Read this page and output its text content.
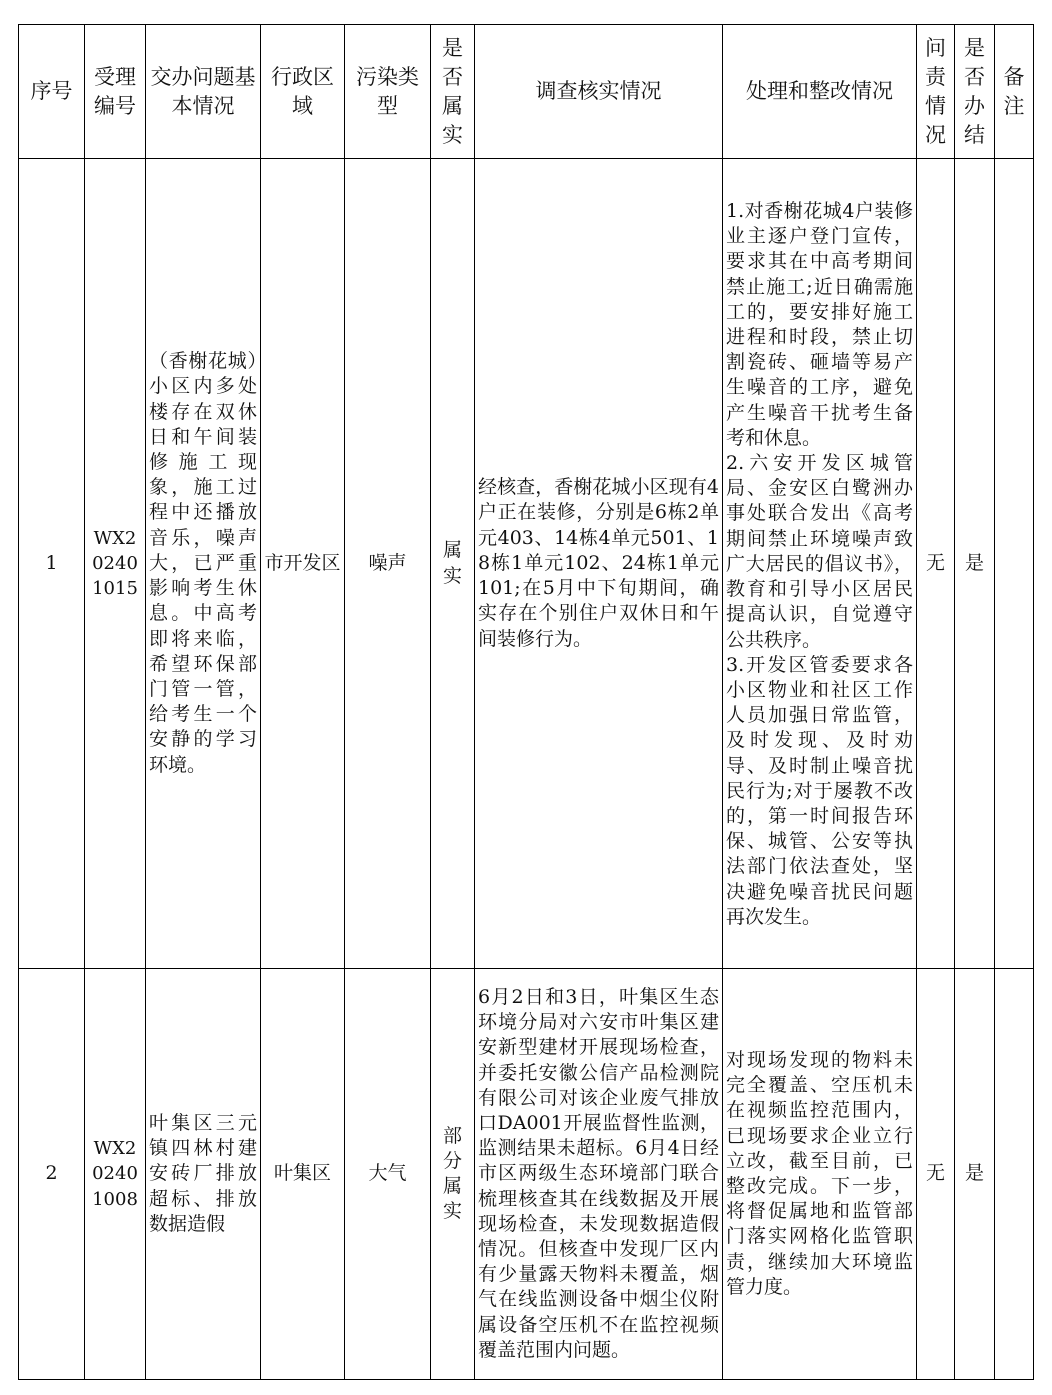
序号	受理编号	交办问题基本情况	行政区域	污染类型	是否属实	调查核实情况	处理和整改情况	问责情况	是否办结	备注
1	WX202401015	（香榭花城）小区内多处楼存在双休日和午间装修施工现象，施工过程中还播放音乐，噪声大，已严重影响考生休息。中高考即将来临，希望环保部门管一管，给考生一个安静的学习环境。	市开发区	噪声	属实	经核查，香榭花城小区现有4户正在装修，分别是6栋2单元403、14栋4单元501、18栋1单元102、24栋1单元101;在5月中下旬期间，确实存在个别住户双休日和午间装修行为。	1.对香榭花城4户装修业主逐户登门宣传，要求其在中高考期间禁止施工;近日确需施工的，要安排好施工进程和时段，禁止切割瓷砖、砸墙等易产生噪音的工序，避免产生噪音干扰考生备考和休息。
2.六安开发区城管局、金安区白鹭洲办事处联合发出《高考期间禁止环境噪声致广大居民的倡议书》，教育和引导小区居民提高认识，自觉遵守公共秩序。
3.开发区管委要求各小区物业和社区工作人员加强日常监管，及时发现、及时劝导、及时制止噪音扰民行为;对于屡教不改的，第一时间报告环保、城管、公安等执法部门依法查处，坚决避免噪音扰民问题再次发生。	无	是	
2	WX202401008	叶集区三元镇四林村建安砖厂排放超标、排放数据造假	叶集区	大气	部分属实	6月2日和3日，叶集区生态环境分局对六安市叶集区建安新型建材开展现场检查，并委托安徽公信产品检测院有限公司对该企业废气排放口DA001开展监督性监测，监测结果未超标。6月4日经市区两级生态环境部门联合梳理核查其在线数据及开展现场检查，未发现数据造假情况。但核查中发现厂区内有少量露天物料未覆盖，烟气在线监测设备中烟尘仪附属设备空压机不在监控视频覆盖范围内问题。	对现场发现的物料未完全覆盖、空压机未在视频监控范围内，已现场要求企业立行立改，截至目前，已整改完成。下一步，将督促属地和监管部门落实网格化监管职责，继续加大环境监管力度。	无	是	
